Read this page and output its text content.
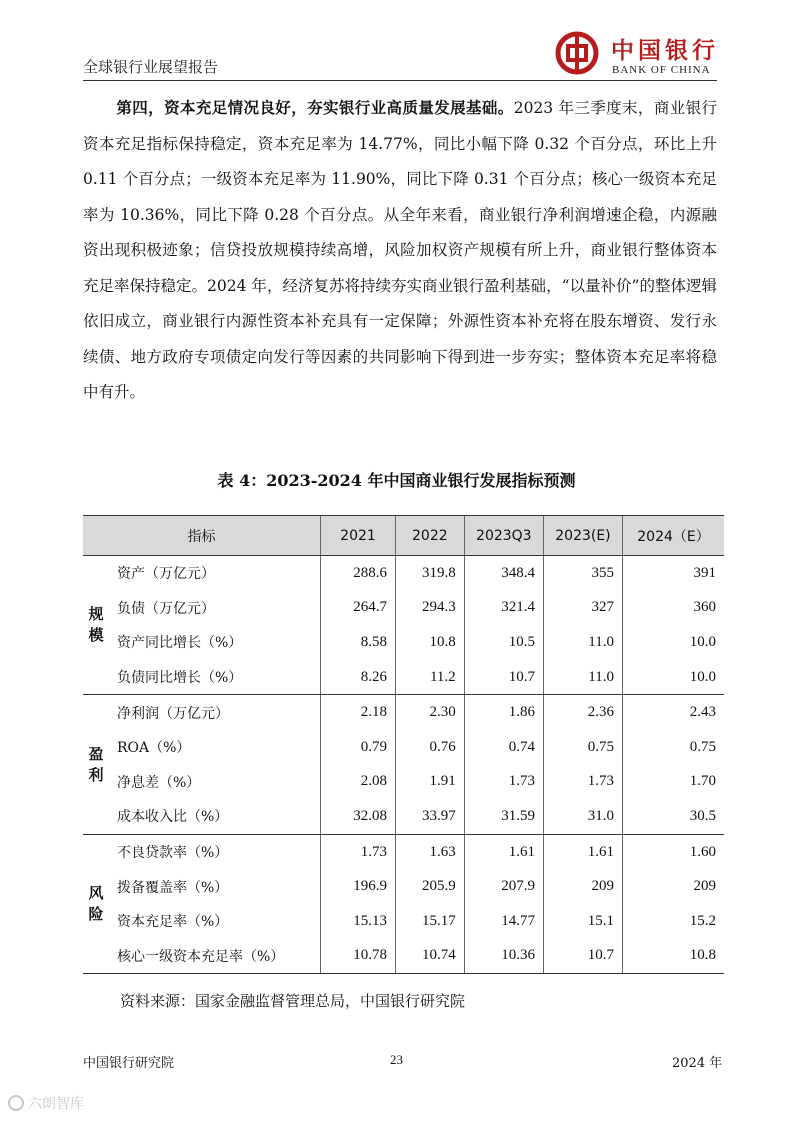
全球银行业展望报告
中国银行
BANK OF CHINA
第四，资本充足情况良好，夯实银行业高质量发展基础。2023 年三季度末，商业银行资本充足指标保持稳定，资本充足率为 14.77%，同比小幅下降 0.32 个百分点，环比上升 0.11 个百分点；一级资本充足率为 11.90%，同比下降 0.31 个百分点；核心一级资本充足率为 10.36%，同比下降 0.28 个百分点。从全年来看，商业银行净利润增速企稳，内源融资出现积极迹象；信贷投放规模持续高增，风险加权资产规模有所上升，商业银行整体资本充足率保持稳定。2024 年，经济复苏将持续夯实商业银行盈利基础，“以量补价”的整体逻辑依旧成立，商业银行内源性资本补充具有一定保障；外源性资本补充将在股东增资、发行永续债、地方政府专项债定向发行等因素的共同影响下得到进一步夯实；整体资本充足率将稳中有升。
表 4：2023-2024 年中国商业银行发展指标预测
指标		2021	2022	2023Q3	2023(E)	2024（E）
规
模	资产（万亿元）	288.6	319.8	348.4	355	391
	负债（万亿元）	264.7	294.3	321.4	327	360
	资产同比增长（%）	8.58	10.8	10.5	11.0	10.0
	负债同比增长（%）	8.26	11.2	10.7	11.0	10.0
盈
利	净利润（万亿元）	2.18	2.30	1.86	2.36	2.43
	ROA（%）	0.79	0.76	0.74	0.75	0.75
	净息差（%）	2.08	1.91	1.73	1.73	1.70
	成本收入比（%）	32.08	33.97	31.59	31.0	30.5
风
险	不良贷款率（%）	1.73	1.63	1.61	1.61	1.60
	拨备覆盖率（%）	196.9	205.9	207.9	209	209
	资本充足率（%）	15.13	15.17	14.77	15.1	15.2
	核心一级资本充足率（%）	10.78	10.74	10.36	10.7	10.8
资料来源：国家金融监督管理总局，中国银行研究院
中国银行研究院	23	2024 年
六朗智库
